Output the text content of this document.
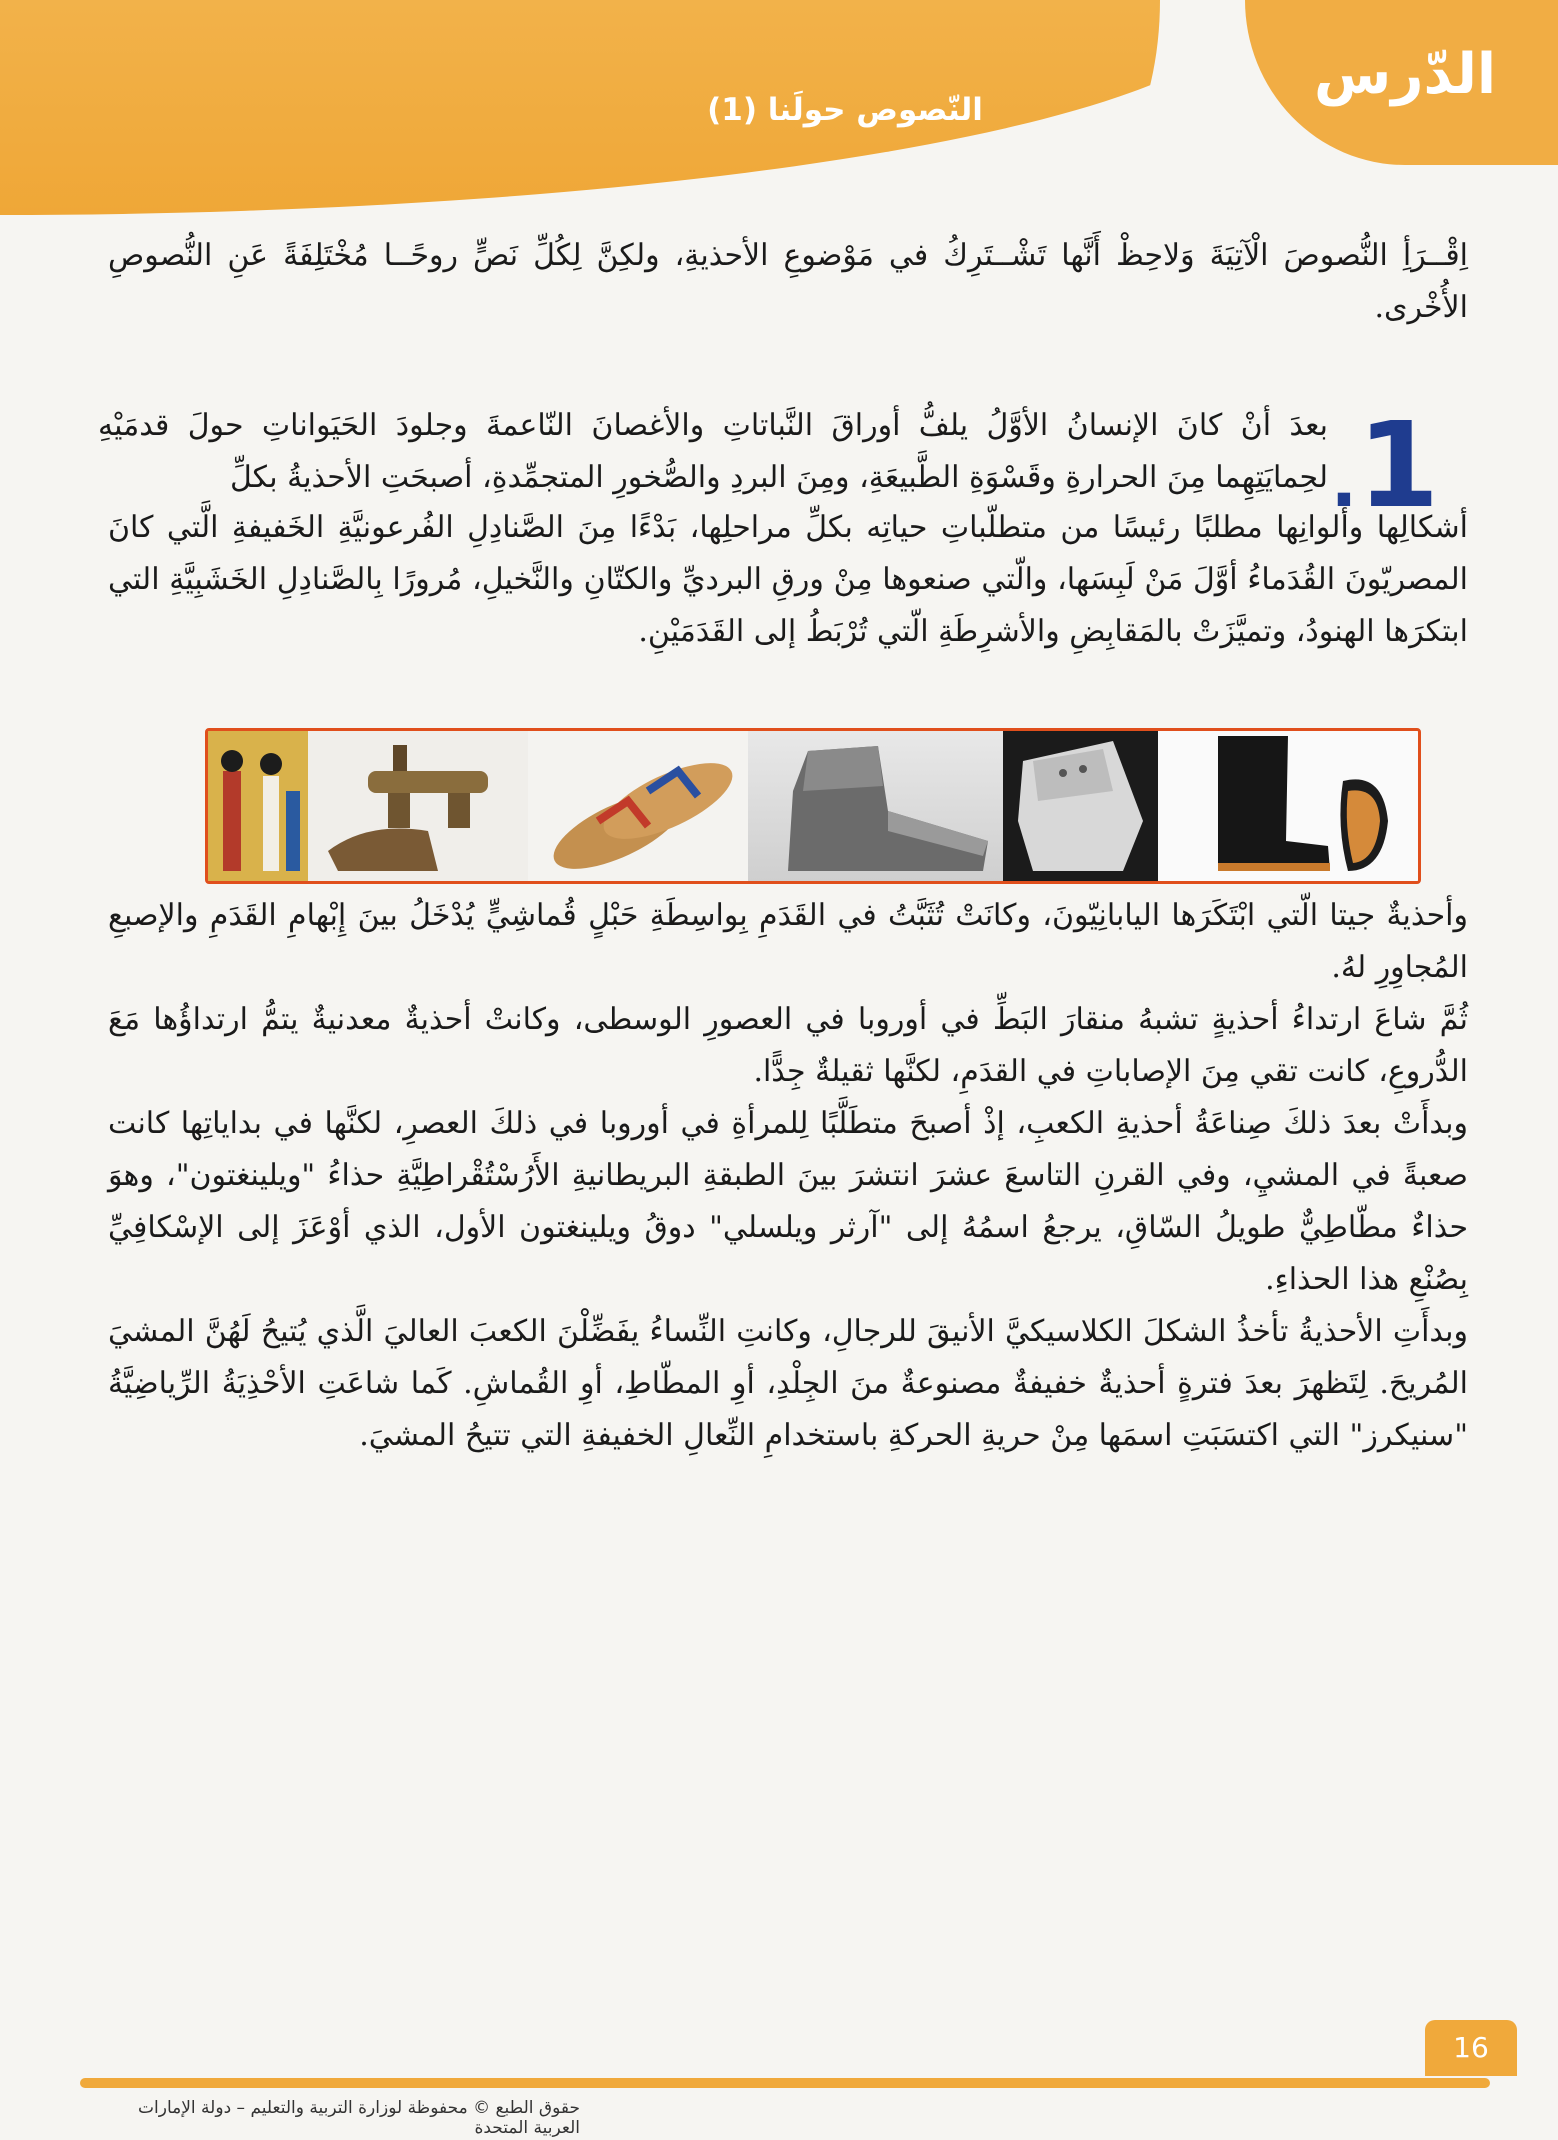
الدّرس
النّصوص حولَنا (1)

اِقْــرَأِ النُّصوصَ الْآتِيَةَ وَلاحِظْ أَنَّها تَشْــتَرِكُ في مَوْضوعِ الأحذيةِ، ولكِنَّ لِكُلِّ نَصٍّ روحًــا مُخْتَلِفَةً عَنِ النُّصوصِ الأُخْرى.

1.

بعدَ أنْ كانَ الإنسانُ الأوَّلُ يلفُّ أوراقَ النَّباتاتِ والأغصانَ النّاعمةَ وجلودَ الحَيَواناتِ حولَ قدمَيْهِ لحِمايَتِهِما مِنَ الحرارةِ وقَسْوَةِ الطَّبيعَةِ، ومِنَ البردِ والصُّخورِ المتجمِّدةِ، أصبحَتِ الأحذيةُ بكلِّ

أشكالِها وألوانِها مطلبًا رئيسًا من متطلّباتِ حياتِه بكلِّ مراحلِها، بَدْءًا مِنَ الصَّنادِلِ الفُرعونيَّةِ الخَفيفةِ الَّتي كانَ المصريّونَ القُدَماءُ أوَّلَ مَنْ لَبِسَها، والّتي صنعوها مِنْ ورقِ البرديِّ والكتّانِ والنَّخيلِ، مُرورًا بِالصَّنادِلِ الخَشَبِيَّةِ التي ابتكرَها الهنودُ، وتميَّزَتْ بالمَقابِضِ والأشرِطَةِ الّتي تُرْبَطُ إلى القَدَمَيْنِ.

وأحذيةٌ جيتا الّتي ابْتَكَرَها اليابانِيّونَ، وكانَتْ تُثَبَّتُ في القَدَمِ بِواسِطَةِ حَبْلٍ قُماشِيٍّ يُدْخَلُ بينَ إِبْهامِ القَدَمِ والإصبعِ المُجاوِرِ لهُ.

ثُمَّ شاعَ ارتداءُ أحذيةٍ تشبهُ منقارَ البَطِّ في أوروبا في العصورِ الوسطى، وكانتْ أحذيةٌ معدنيةٌ يتمُّ ارتداؤُها مَعَ الدُّروعِ، كانت تقي مِنَ الإصاباتِ في القدَمِ، لكنَّها ثقيلةٌ جِدًّا.

وبدأَتْ بعدَ ذلكَ صِناعَةُ أحذيةِ الكعبِ، إذْ أصبحَ متطَلَّبًا لِلمرأةِ في أوروبا في ذلكَ العصرِ، لكنَّها في بداياتِها كانت صعبةً في المشيِ، وفي القرنِ التاسعَ عشرَ انتشرَ بينَ الطبقةِ البريطانيةِ الأَرُسْتُقْراطِيَّةِ حذاءُ "ويلينغتون"، وهوَ حذاءٌ مطّاطِيٌّ طويلُ السّاقِ، يرجعُ اسمُهُ إلى "آرثر ويلسلي" دوقُ ويلينغتون الأول، الذي أوْعَزَ إلى الإسْكافِيِّ بِصُنْعِ هذا الحذاءِ.

وبدأَتِ الأحذيةُ تأخذُ الشكلَ الكلاسيكيَّ الأنيقَ للرجالِ، وكانتِ النِّساءُ يفَضِّلْنَ الكعبَ العاليَ الَّذي يُتيحُ لَهُنَّ المشيَ المُريحَ. لِتَظهرَ بعدَ فترةٍ أحذيةٌ خفيفةٌ مصنوعةٌ منَ الجِلْدِ، أوِ المطّاطِ، أوِ القُماشِ. كَما شاعَتِ الأحْذِيَةُ الرِّياضِيَّةُ "سنيكرز" التي اكتسَبَتِ اسمَها مِنْ حريةِ الحركةِ باستخدامِ النِّعالِ الخفيفةِ التي تتيحُ المشيَ.

16
حقوق الطبع © محفوظة لوزارة التربية والتعليم – دولة الإمارات العربية المتحدة
